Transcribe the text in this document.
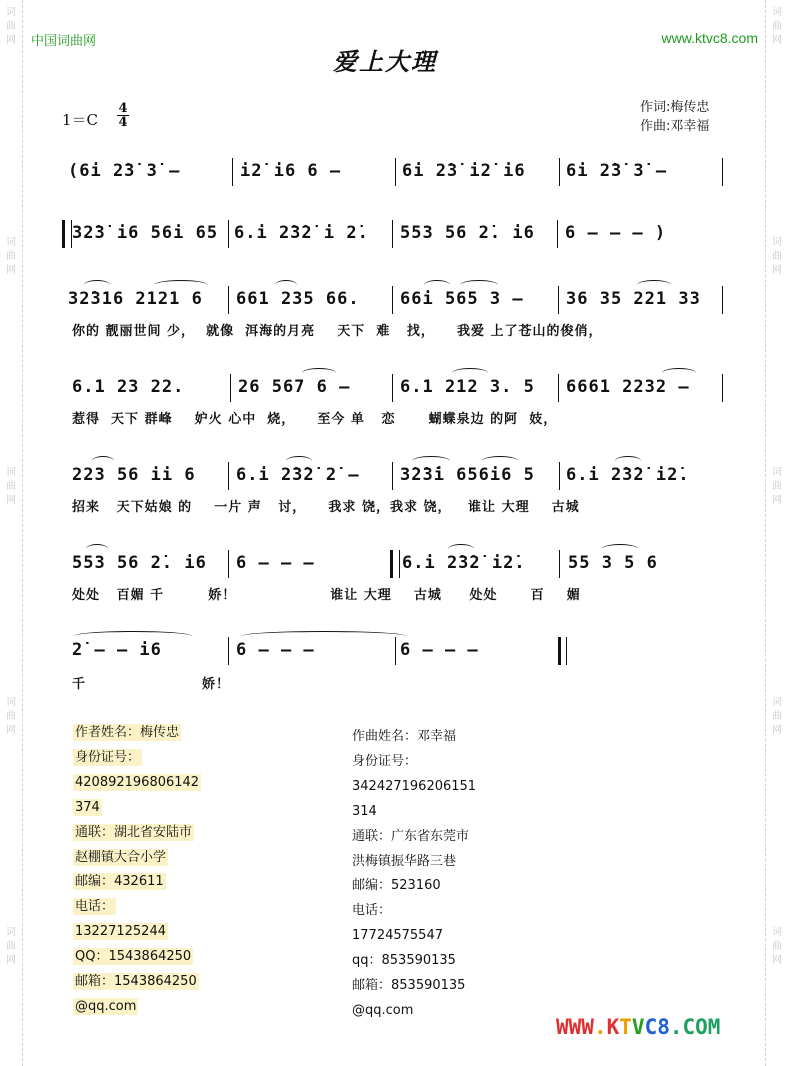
词曲网
词曲网
词曲网
词曲网
词曲网
词曲网
词曲网
词曲网
词曲网
词曲网
中国词曲网	www.ktvc8.com
爱上大理
1＝C
4
4
作词:梅传忠
作曲:邓幸福
(6i 2̇3̇ 3̇ –	i2̇ i6 6 –	6i 2̇3̇ i2̇ i6 6i 2̇3̇ 3̇ –
32̇3̇ i6 56i 65 6.i 2̇3̇2̇ i 2̇. 553 56 2̇. i6 6 – – – )
32̇316 2121 6 661 235 66. 66i 565 3 – 36 35 221 33
你的 靓丽世间 少，  就像  洱海的月亮    天下  难   找，    我爱 上了苍山的俊俏，
6.1 23 22.	26 567 6 –	6.1 212 3. 5 6661 2232 –
惹得  天下 群峰    妒火 心中  烧，    至今 单   恋      蝴蝶泉边 的阿  妓，
223 56 ii 6 6.i 2̇3̇2̇ 2̇ – 3̇2̇3̇i 656i6 5 6.i 2̇3̇2̇ i2̇.
招来   天下姑娘 的    一片 声   讨，    我求 饶，我求 饶，   谁让 大理    古城
553 56 2̇. i6 6 – – –	6.i 2̇3̇2̇ i2̇. 55 3 5 6
处处   百媚 千        娇！                 谁让 大理    古城     处处      百    媚
2̇ – – i6	6 – – –	6 – – –
千                     娇！
作者姓名：梅传忠
身份证号：
420892196806142
374
通联：湖北省安陆市
赵棚镇大合小学
邮编：432611
电话：
13227125244
QQ：1543864250
邮箱：1543864250
@qq.com
作曲姓名：邓幸福
身份证号：
342427196206151
314
通联：广东省东莞市
洪梅镇振华路三巷
邮编：523160
电话：
17724575547
qq：853590135
邮箱：853590135
@qq.com
WWW.KTVC8.COM
